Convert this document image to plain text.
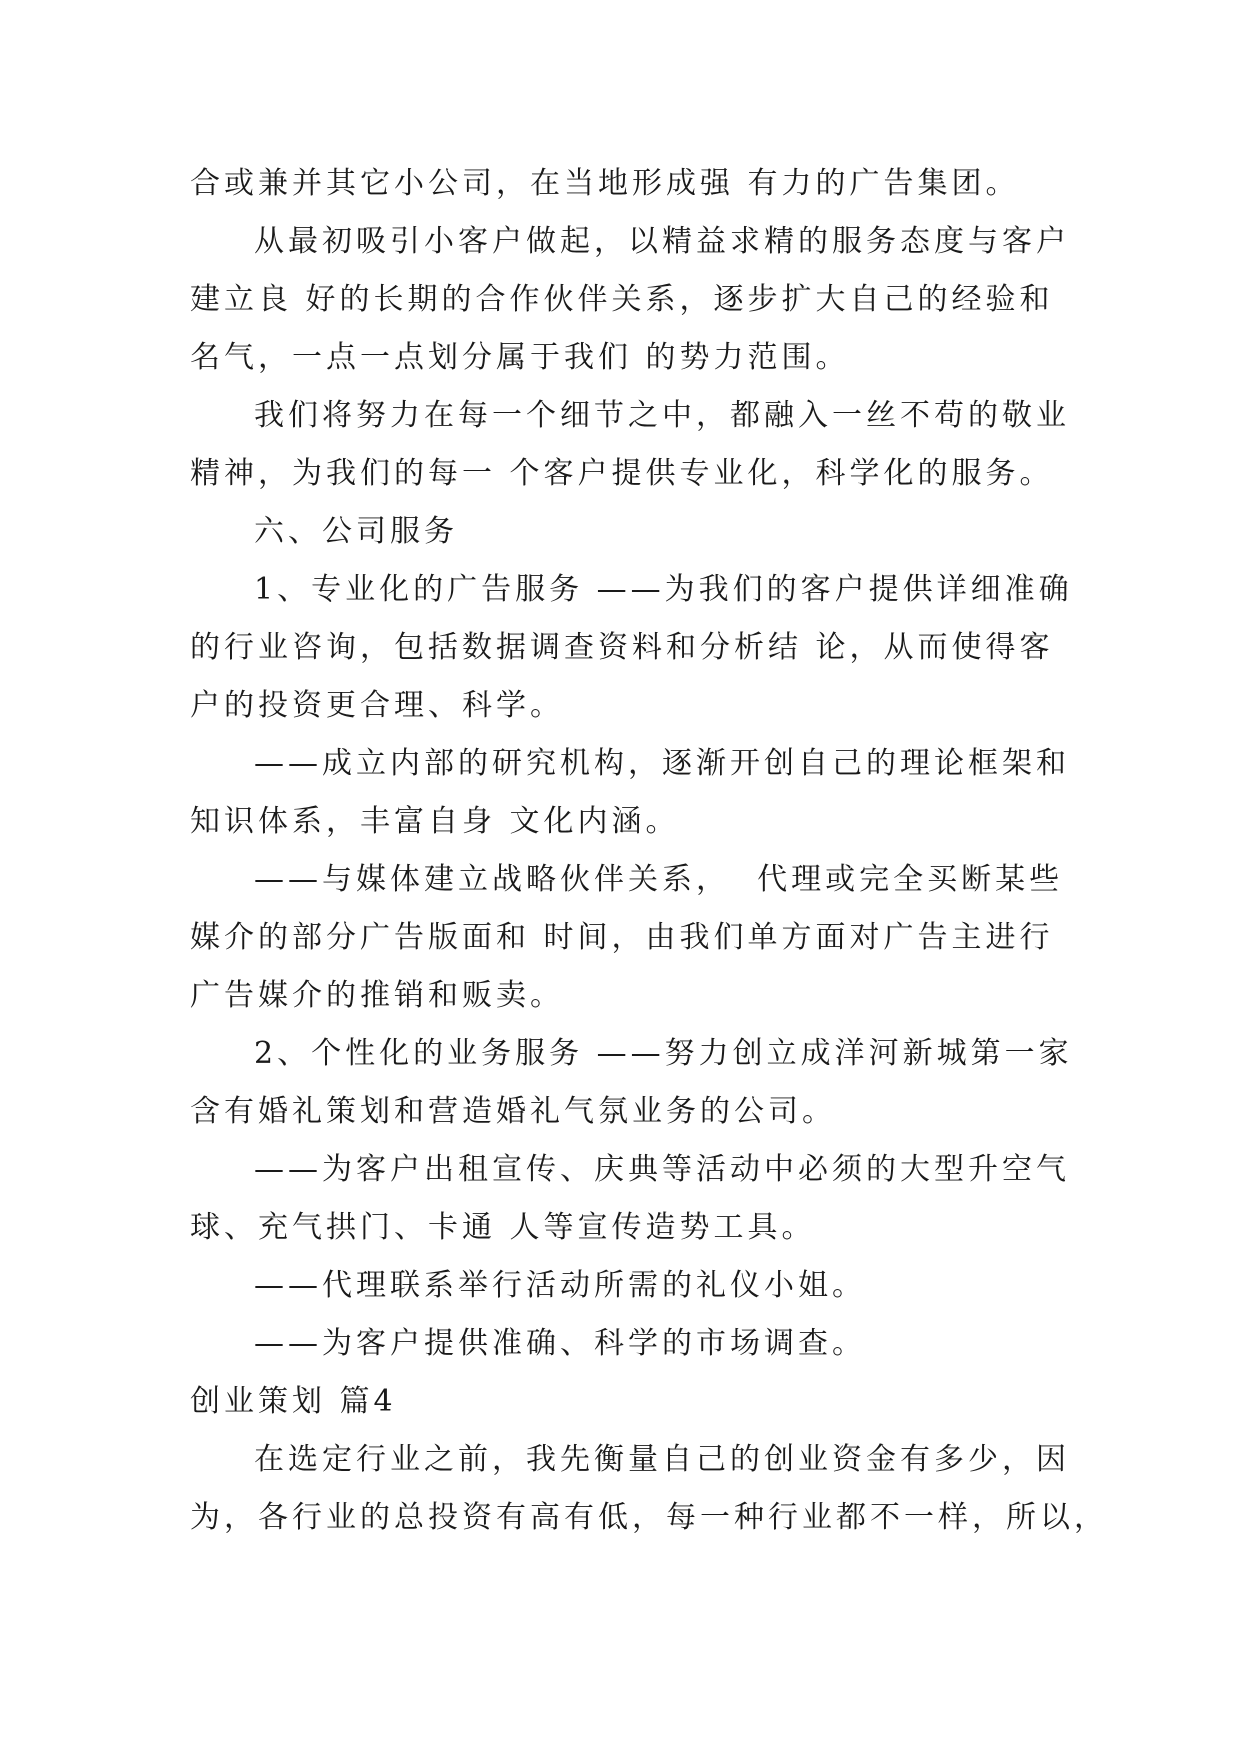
合或兼并其它小公司，在当地形成强 有力的广告集团。
从最初吸引小客户做起，以精益求精的服务态度与客户
建立良 好的长期的合作伙伴关系，逐步扩大自己的经验和
名气，一点一点划分属于我们 的势力范围。
我们将努力在每一个细节之中，都融入一丝不苟的敬业
精神，为我们的每一 个客户提供专业化，科学化的服务。
六、公司服务
1、专业化的广告服务 ——为我们的客户提供详细准确
的行业咨询，包括数据调查资料和分析结 论，从而使得客
户的投资更合理、科学。
——成立内部的研究机构，逐渐开创自己的理论框架和
知识体系，丰富自身 文化内涵。
——与媒体建立战略伙伴关系，  代理或完全买断某些
媒介的部分广告版面和 时间，由我们单方面对广告主进行
广告媒介的推销和贩卖。
2、个性化的业务服务 ——努力创立成洋河新城第一家
含有婚礼策划和营造婚礼气氛业务的公司。
——为客户出租宣传、庆典等活动中必须的大型升空气
球、充气拱门、卡通 人等宣传造势工具。
——代理联系举行活动所需的礼仪小姐。
——为客户提供准确、科学的市场调查。
创业策划 篇4
在选定行业之前，我先衡量自己的创业资金有多少，因
为，各行业的总投资有高有低，每一种行业都不一样，所以，
